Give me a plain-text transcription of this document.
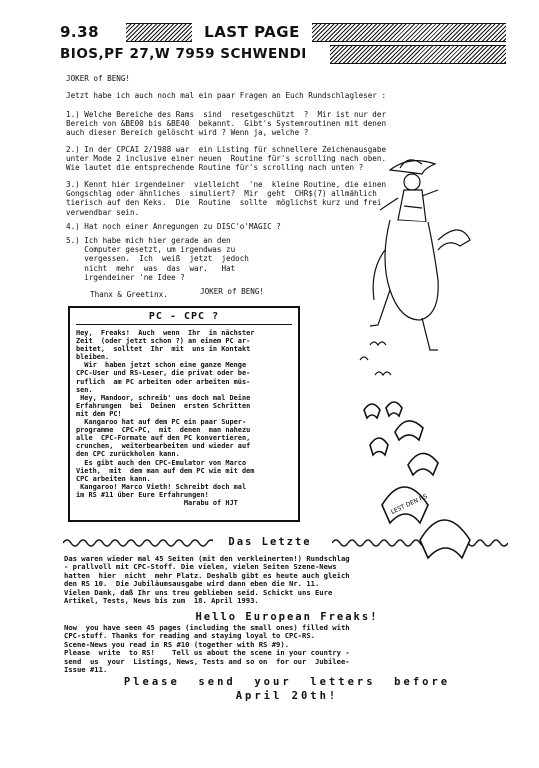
9.38	LAST PAGE
BIOS,PF 27,W 7959 SCHWENDI

JOKER of BENG!

Jetzt habe ich auch noch mal ein paar Fragen an Euch Rundschlagleser :

1.) Welche Bereiche des Rams  sind  resetgeschützt  ?  Mir ist nur der

Bereich von &BE00 bis &BE40  bekannt.  Gibt's Systemroutinen mit denen

auch dieser Bereich gelöscht wird ? Wenn ja, welche ?

2.) In der CPCAI 2/1988 war  ein Listing für schnellere Zeichenausgabe

unter Mode 2 inclusive einer neuen  Routine für's scrolling nach oben.

Wie lautet die entsprechende Routine für's scrolling nach unten ?

3.) Kennt hier irgendeiner  vielleicht  'ne  kleine Routine, die einen

Gongschlag oder ähnliches  simuliert?  Mir  geht  CHR$(7) allmählich

tierisch auf den Keks.  Die  Routine  sollte  möglichst kurz und frei

verwendbar sein.

4.) Hat noch einer Anregungen zu DISC'o'MAGIC ?

5.) Ich habe mich hier gerade an den

Computer gesetzt, um irgendwas zu

vergessen.  Ich  weiß  jetzt  jedoch

nicht  mehr  was  das  war.   Hat

irgendeiner 'ne Idee ?

Thanx & Greetinx.	JOKER of BENG!
PC - CPC ?

Hey,  Freaks!  Auch  wenn  Ihr  in nächster

Zeit  (oder jetzt schon ?) an einem PC ar-

beitet,  solltet  Ihr  mit  uns in Kontakt

bleiben.

Wir  haben jetzt schon eine ganze Menge

CPC-User und RS-Leser, die privat oder be-

ruflich  am PC arbeiten oder arbeiten müs-

sen.

Hey, Mandoor, schreib' uns doch mal Deine

Erfahrungen  bei  Deinen  ersten Schritten

mit dem PC!

Kangaroo hat auf dem PC ein paar Super-

programme  CPC-PC,  mit  denen  man nahezu

alle  CPC-Formate auf den PC konvertieren,

crunchen,  weiterbearbeiten und wieder auf

den CPC zurückholen kann.

Es gibt auch den CPC-Emulator von Marco

Vieth,  mit  dem man auf dem PC wie mit dem

CPC arbeiten kann.

Kangaroo! Marco Vieth! Schreibt doch mal

im RS #11 über Eure Erfahrungen!

Marabu of HJT

Das Letzte

Das waren wieder mal 45 Seiten (mit den verkleinerten!) Rundschlag

- prallvoll mit CPC-Stoff. Die vielen, vielen Seiten Szene-News

hatten  hier  nicht  mehr Platz. Deshalb gibt es heute auch gleich

den RS 10.  Die Jubiläumsausgabe wird dann eben die Nr. 11.

Vielen Dank, daß Ihr uns treu geblieben seid. Schickt uns Eure

Artikel, Tests, News bis zum  18. April 1993.

Hello European Freaks!

Now  you have seen 45 pages (including the small ones) filled with

CPC-stuff. Thanks for reading and staying loyal to CPC-RS.

Scene-News you read in RS #10 (together with RS #9).

Please  write  to RS!    Tell us about the scene in your country -

send  us  your  Listings, News, Tests and so on  for our  Jubilee-

Issue #11.

Please  send  your  letters  before
April 20th!
LEST DEN RS
